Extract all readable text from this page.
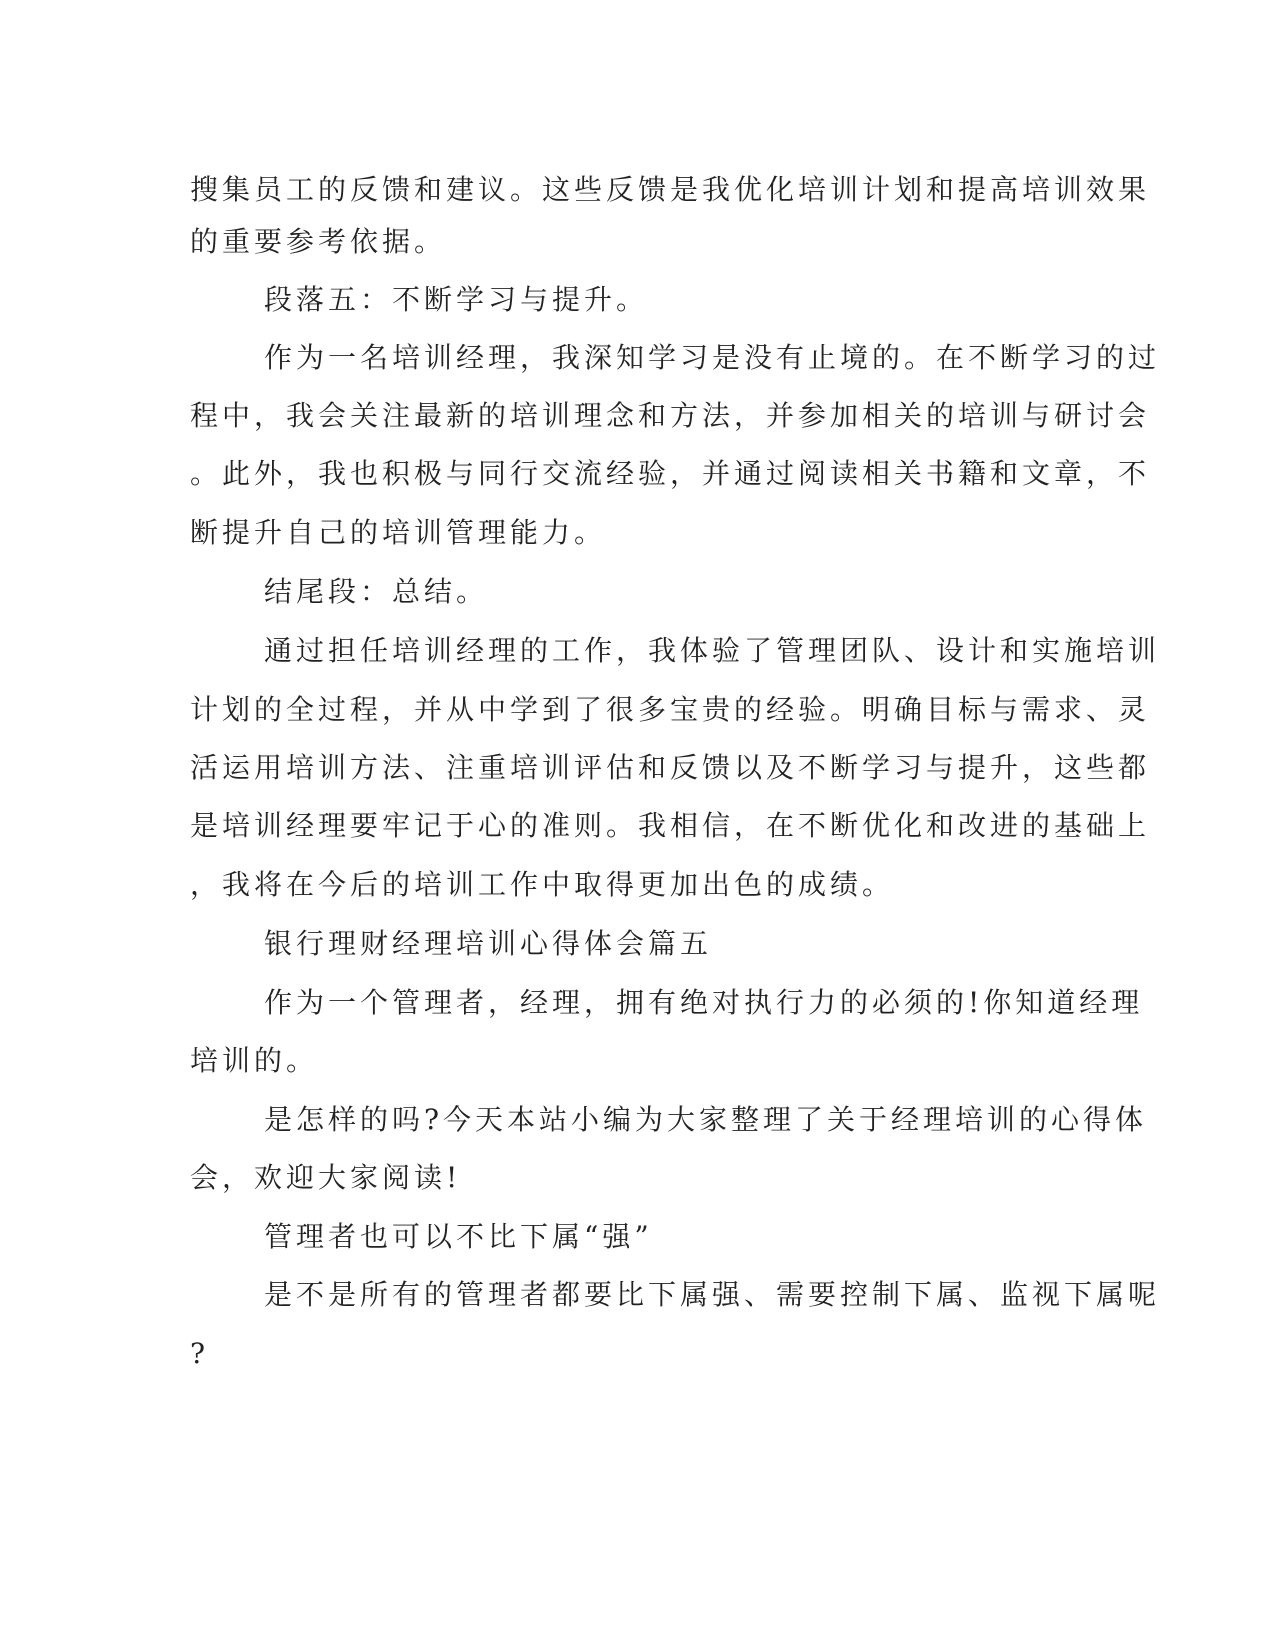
搜集员工的反馈和建议。这些反馈是我优化培训计划和提高培训效果
的重要参考依据。
段落五：不断学习与提升。
作为一名培训经理，我深知学习是没有止境的。在不断学习的过
程中，我会关注最新的培训理念和方法，并参加相关的培训与研讨会
。此外，我也积极与同行交流经验，并通过阅读相关书籍和文章，不
断提升自己的培训管理能力。
结尾段：总结。
通过担任培训经理的工作，我体验了管理团队、设计和实施培训
计划的全过程，并从中学到了很多宝贵的经验。明确目标与需求、灵
活运用培训方法、注重培训评估和反馈以及不断学习与提升，这些都
是培训经理要牢记于心的准则。我相信，在不断优化和改进的基础上
，我将在今后的培训工作中取得更加出色的成绩。
银行理财经理培训心得体会篇五
作为一个管理者，经理，拥有绝对执行力的必须的!你知道经理
培训的。
是怎样的吗?今天本站小编为大家整理了关于经理培训的心得体
会，欢迎大家阅读!
管理者也可以不比下属“强”
是不是所有的管理者都要比下属强、需要控制下属、监视下属呢
?
